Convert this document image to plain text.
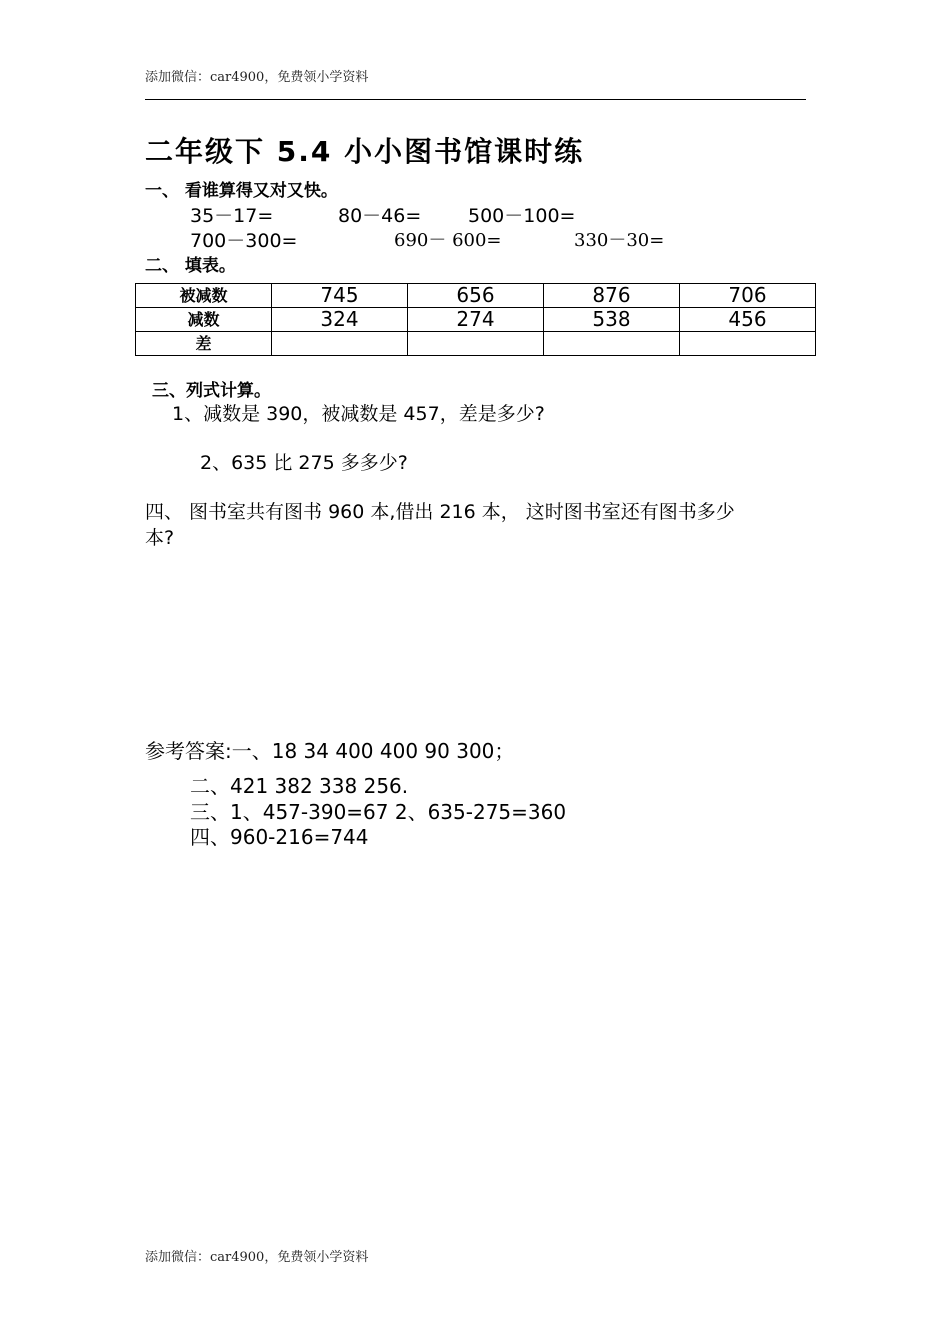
添加微信：car4900，免费领小学资料
二年级下 5.4 小小图书馆课时练
一、 看谁算得又对又快。
35－17=	80－46= 500－100=
700－300=	690－ 600=	330－30=
二、 填表。
被减数	745	656	876	706
减数	324	274	538	456
差				
三、列式计算。
1、减数是 390，被减数是 457，差是多少?
2、635 比 275 多多少?
四、 图书室共有图书 960 本,借出 216 本， 这时图书室还有图书多少
本?
参考答案:一、18 34 400 400 90 300；
二、421 382 338 256.
三、1、457-390=67 2、635-275=360
四、960-216=744
添加微信：car4900，免费领小学资料
